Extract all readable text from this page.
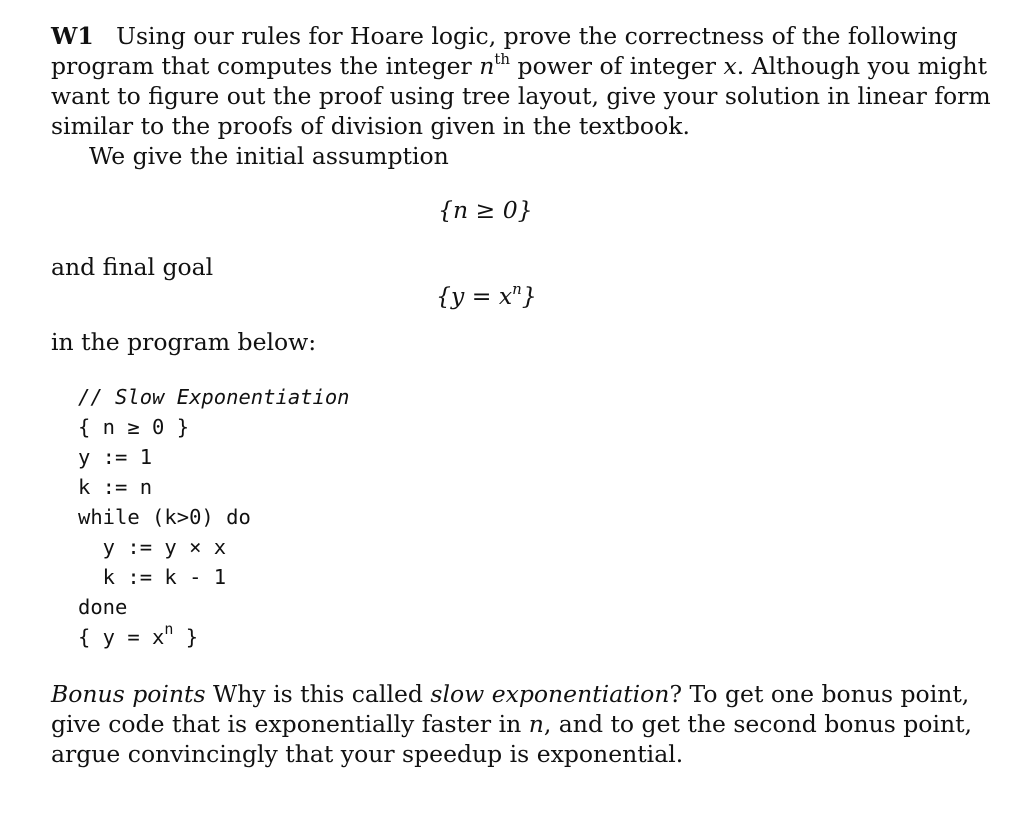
W1 Using our rules for Hoare logic, prove the correctness of the following
program that computes the integer $n^{th}$ power of integer x. Although you might
want to figure out the proof using tree layout, give your solution in linear form
similar to the proofs of division given in the textbook.
We give the initial assumption
{n ≥ 0}
and final goal
$\{y = x^n\}$
in the program below:
// Slow Exponentiation
{ n ≥ 0 }
y := 1
k := n
while (k>0) do
y := y × x
k := k - 1
done
{ $y = x^n$ }
Bonus points Why is this called slow exponentiation? To get one bonus point,
give code that is exponentially faster in n, and to get the second bonus point,
argue convincingly that your speedup is exponential.
